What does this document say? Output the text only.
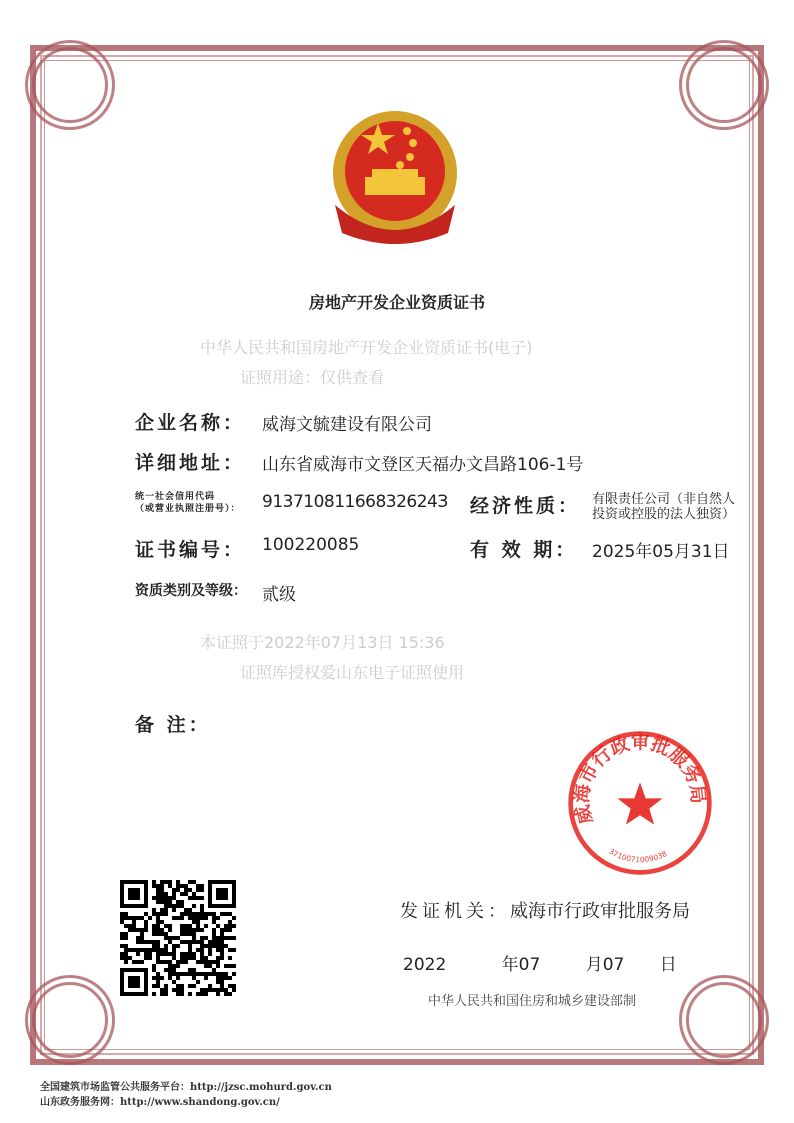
房地产开发企业资质证书
中华人民共和国房地产开发企业资质证书(电子)
证照用途：仅供查看
本证照于2022年07月13日 15:36
证照库授权爱山东电子证照使用
企业名称： 威海文毓建设有限公司
详细地址： 山东省威海市文登区天福办文昌路106-1号
统一社会信用代码
（或营业执照注册号）： 91371081166832624З 经济性质： 有限责任公司（非自然人
投资或控股的法人独资）
证书编号： 100220085	有 效 期： 2025年05月31日
资质类别及等级： 贰级
备 注：
发证机关：威海市行政审批服务局
2022	年07	月07 日
中华人民共和国住房和城乡建设部制
威海市行政审批服务局
3710071009038
全国建筑市场监管公共服务平台：http://jzsc.mohurd.gov.cn
山东政务服务网：http://www.shandong.gov.cn/
